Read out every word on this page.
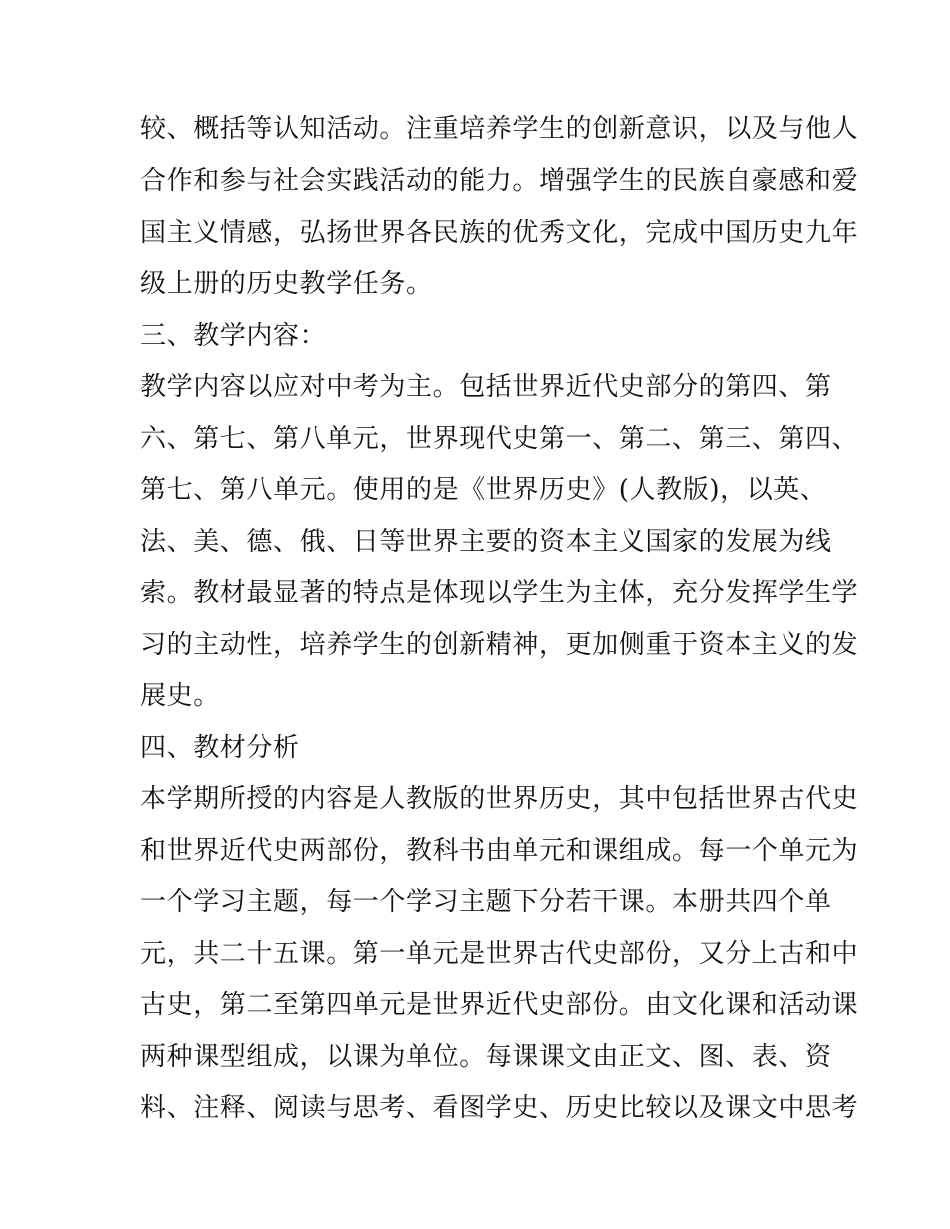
较、概括等认知活动。注重培养学生的创新意识，以及与他人
合作和参与社会实践活动的能力。增强学生的民族自豪感和爱
国主义情感，弘扬世界各民族的优秀文化，完成中国历史九年
级上册的历史教学任务。
三、教学内容：
教学内容以应对中考为主。包括世界近代史部分的第四、第
六、第七、第八单元，世界现代史第一、第二、第三、第四、
第七、第八单元。使用的是《世界历史》(人教版)，以英、
法、美、德、俄、日等世界主要的资本主义国家的发展为线
索。教材最显著的特点是体现以学生为主体，充分发挥学生学
习的主动性，培养学生的创新精神，更加侧重于资本主义的发
展史。
四、教材分析
本学期所授的内容是人教版的世界历史，其中包括世界古代史
和世界近代史两部份，教科书由单元和课组成。每一个单元为
一个学习主题，每一个学习主题下分若干课。本册共四个单
元，共二十五课。第一单元是世界古代史部份，又分上古和中
古史，第二至第四单元是世界近代史部份。由文化课和活动课
两种课型组成，以课为单位。每课课文由正文、图、表、资
料、注释、阅读与思考、看图学史、历史比较以及课文中思考
